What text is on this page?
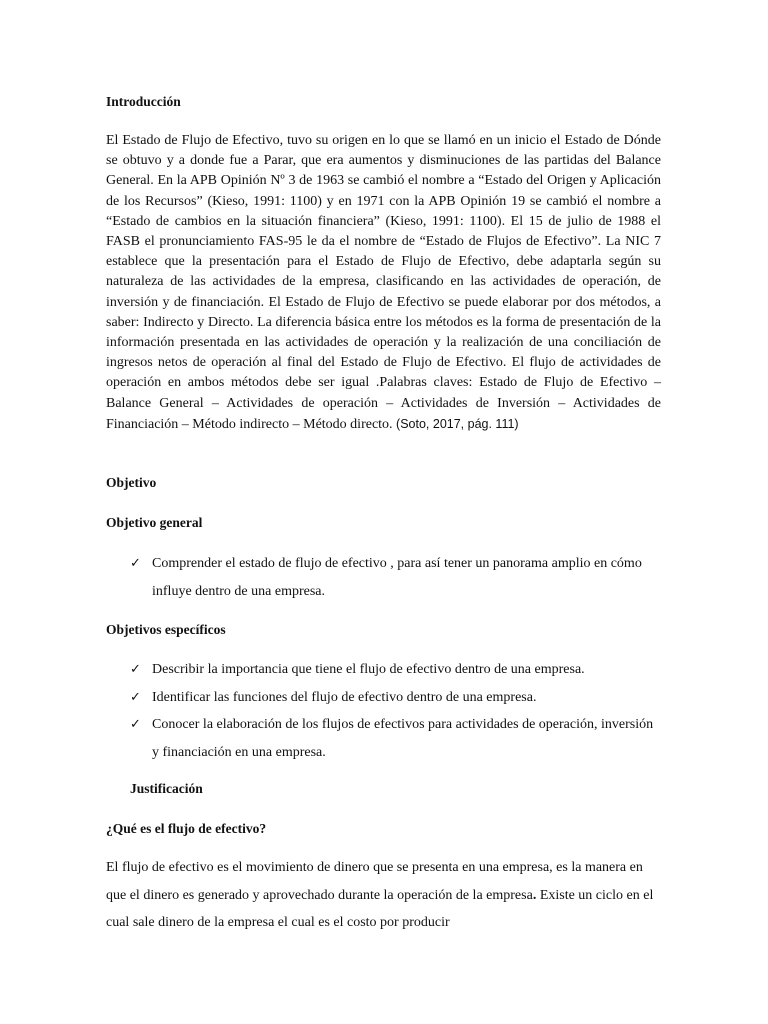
Introducción
El Estado de Flujo de Efectivo, tuvo su origen en lo que se llamó en un inicio el Estado de Dónde se obtuvo y a donde fue a Parar, que era aumentos y disminuciones de las partidas del Balance General. En la APB Opinión Nº 3 de 1963 se cambió el nombre a “Estado del Origen y Aplicación de los Recursos” (Kieso, 1991: 1100) y en 1971 con la APB Opinión 19 se cambió el nombre a “Estado de cambios en la situación financiera” (Kieso, 1991: 1100). El 15 de julio de 1988 el FASB el pronunciamiento FAS-95 le da el nombre de “Estado de Flujos de Efectivo”. La NIC 7 establece que la presentación para el Estado de Flujo de Efectivo, debe adaptarla según su naturaleza de las actividades de la empresa, clasificando en las actividades de operación, de inversión y de financiación. El Estado de Flujo de Efectivo se puede elaborar por dos métodos, a saber: Indirecto y Directo. La diferencia básica entre los métodos es la forma de presentación de la información presentada en las actividades de operación y la realización de una conciliación de ingresos netos de operación al final del Estado de Flujo de Efectivo. El flujo de actividades de operación en ambos métodos debe ser igual .Palabras claves: Estado de Flujo de Efectivo – Balance General – Actividades de operación – Actividades de Inversión – Actividades de Financiación – Método indirecto – Método directo. (Soto, 2017, pág. 111)
Objetivo
Objetivo general
✓ Comprender el estado de flujo de efectivo , para así tener un panorama amplio en cómo influye dentro de una empresa.
Objetivos específicos
✓ Describir la importancia que tiene el flujo de efectivo dentro de una empresa.
✓ Identificar las funciones del flujo de efectivo dentro de una empresa.
✓ Conocer la elaboración de los flujos de efectivos para actividades de operación, inversión y financiación en una empresa.
Justificación
¿Qué es el flujo de efectivo?
El flujo de efectivo es el movimiento de dinero que se presenta en una empresa, es la manera en que el dinero es generado y aprovechado durante la operación de la empresa. Existe un ciclo en el cual sale dinero de la empresa el cual es el costo por producir
